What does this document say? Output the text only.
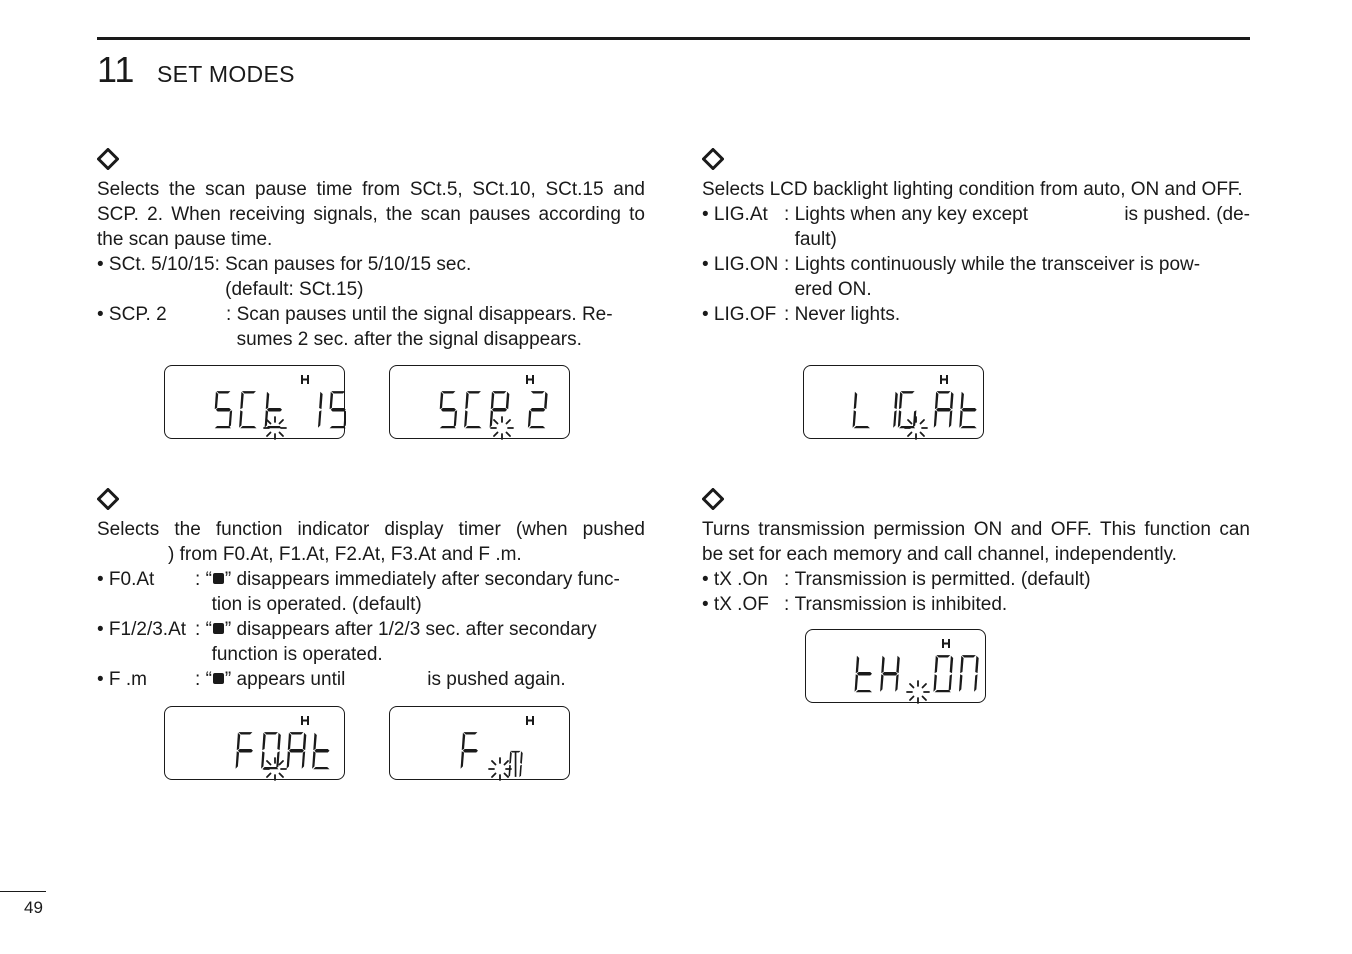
11 SET MODES
Selects the scan pause time from SCt.5, SCt.10, SCt.15 and SCP. 2. When receiving signals, the scan pauses according to the scan pause time.
• SCt. 5/10/15 : Scan pauses for 5/10/15 sec.
(default: SCt.15)
• SCP. 2	: Scan pauses until the signal disappears. Re-
sumes 2 sec. after the signal disappears.
Selects the function indicator display timer (when pushed
) from F0.At, F1.At, F2.At, F3.At and F .m.
• F0.At	: “ ” disappears immediately after secondary func-
tion is operated. (default)
• F1/2/3.At : “ ” disappears after 1/2/3 sec. after secondary
function is operated.
• F .m	: “ ” appears until	is pushed again.
Selects LCD backlight lighting condition from auto, ON and OFF.
• LIG.At : Lights when any key except	is pushed. (de-
fault)
• LIG.ON : Lights continuously while the transceiver is pow-
ered ON.
• LIG.OF : Never lights.
Turns transmission permission ON and OFF. This function can be set for each memory and call channel, independently.
• tX .On : Transmission is permitted. (default)
• tX .OF : Transmission is inhibited.
49
